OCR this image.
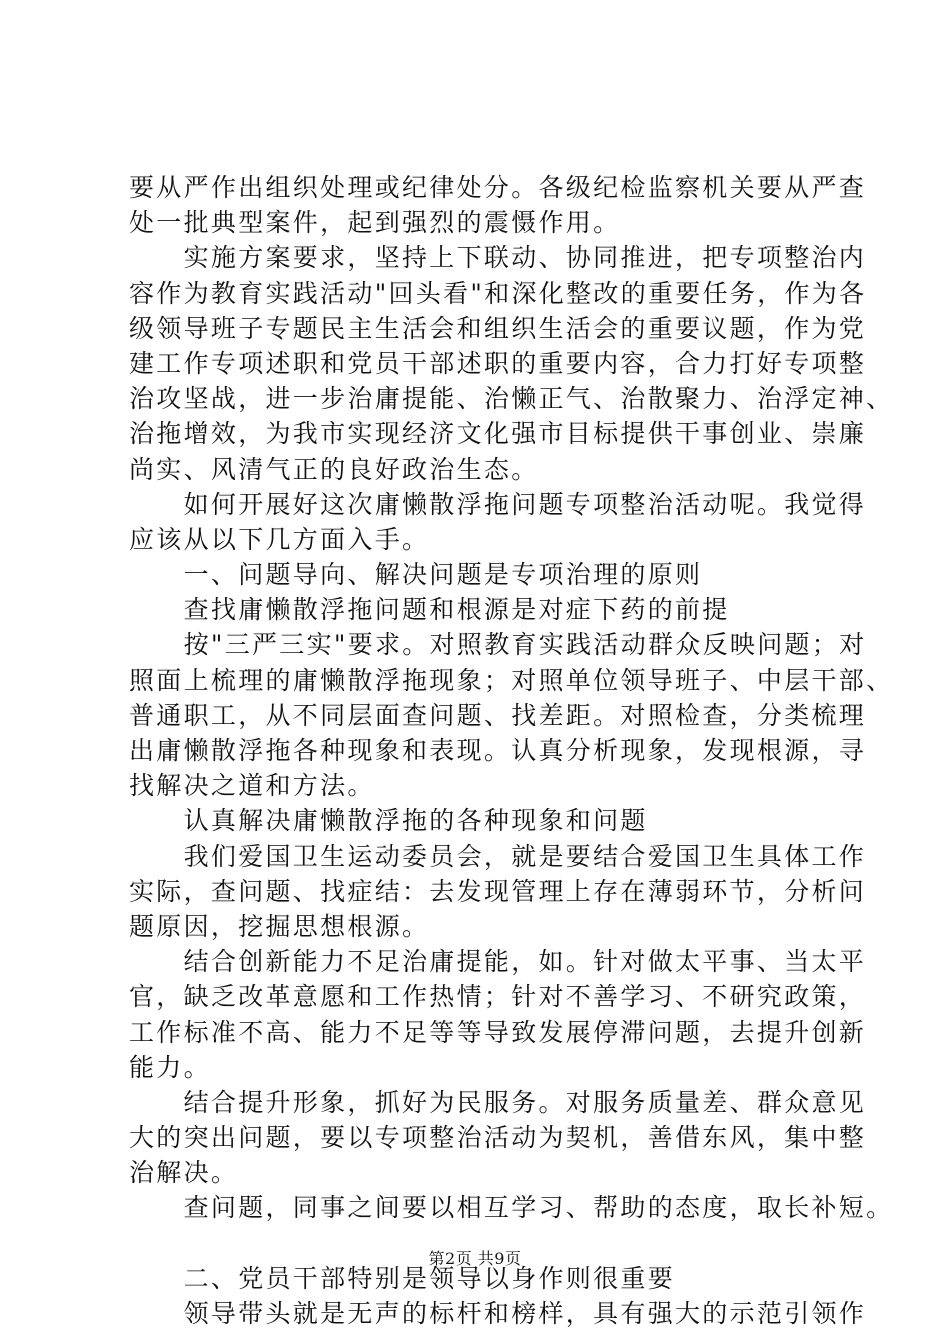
要从严作出组织处理或纪律处分。各级纪检监察机关要从严查
处一批典型案件，起到强烈的震慑作用。
　　实施方案要求，坚持上下联动、协同推进，把专项整治内
容作为教育实践活动"回头看"和深化整改的重要任务，作为各
级领导班子专题民主生活会和组织生活会的重要议题，作为党
建工作专项述职和党员干部述职的重要内容，合力打好专项整
治攻坚战，进一步治庸提能、治懒正气、治散聚力、治浮定神、
治拖增效，为我市实现经济文化强市目标提供干事创业、崇廉
尚实、风清气正的良好政治生态。
　　如何开展好这次庸懒散浮拖问题专项整治活动呢。我觉得
应该从以下几方面入手。
　　一、问题导向、解决问题是专项治理的原则
　　查找庸懒散浮拖问题和根源是对症下药的前提
　　按"三严三实"要求。对照教育实践活动群众反映问题；对
照面上梳理的庸懒散浮拖现象；对照单位领导班子、中层干部、
普通职工，从不同层面查问题、找差距。对照检查，分类梳理
出庸懒散浮拖各种现象和表现。认真分析现象，发现根源，寻
找解决之道和方法。
　　认真解决庸懒散浮拖的各种现象和问题
　　我们爱国卫生运动委员会，就是要结合爱国卫生具体工作
实际，查问题、找症结：去发现管理上存在薄弱环节，分析问
题原因，挖掘思想根源。
　　结合创新能力不足治庸提能，如。针对做太平事、当太平
官，缺乏改革意愿和工作热情；针对不善学习、不研究政策，
工作标准不高、能力不足等等导致发展停滞问题，去提升创新
能力。
　　结合提升形象，抓好为民服务。对服务质量差、群众意见
大的突出问题，要以专项整治活动为契机，善借东风，集中整
治解决。
　　查问题，同事之间要以相互学习、帮助的态度，取长补短。
　　二、党员干部特别是领导以身作则很重要
　　领导带头就是无声的标杆和榜样，具有强大的示范引领作
第2页 共9页
